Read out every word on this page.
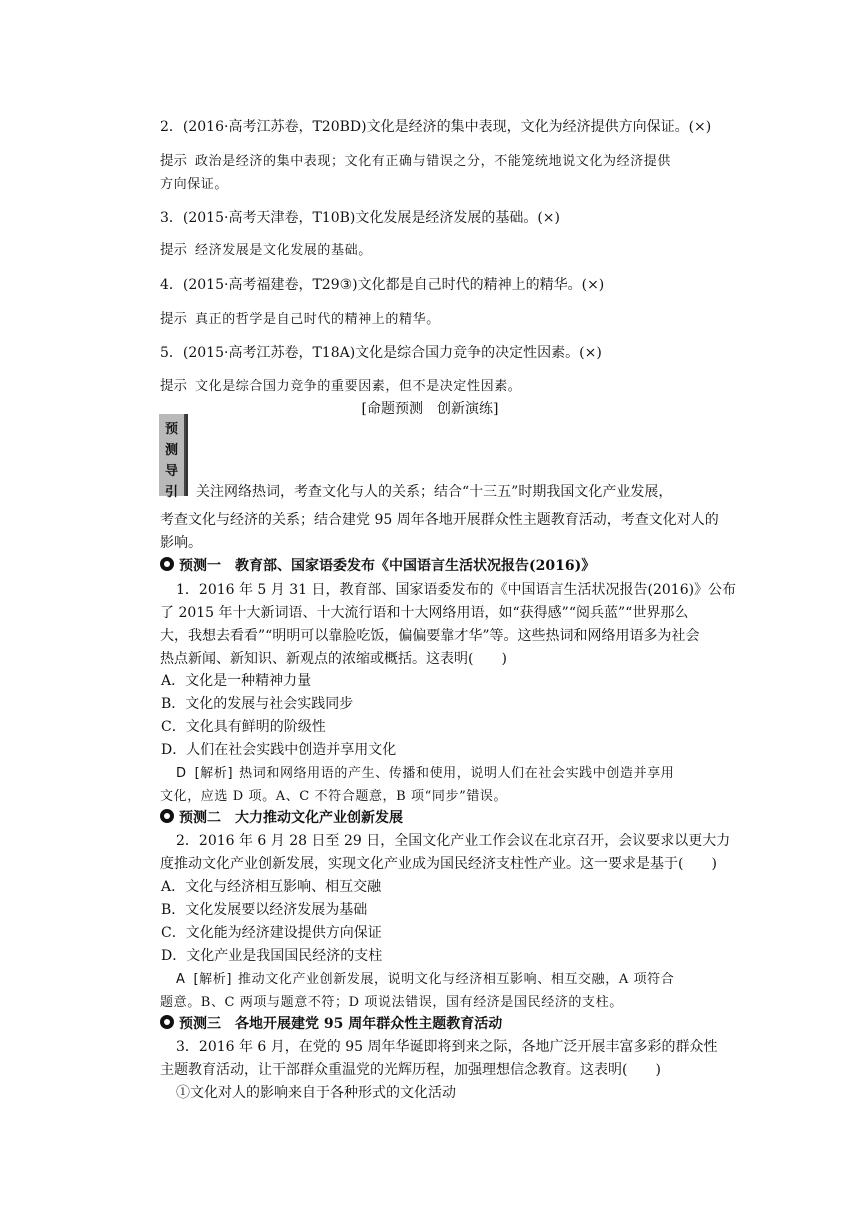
2．(2016·高考江苏卷，T20BD)文化是经济的集中表现，文化为经济提供方向保证。(×)
提示 政治是经济的集中表现；文化有正确与错误之分，不能笼统地说文化为经济提供
方向保证。
3．(2015·高考天津卷，T10B)文化发展是经济发展的基础。(×)
提示 经济发展是文化发展的基础。
4．(2015·高考福建卷，T29③)文化都是自己时代的精神上的精华。(×)
提示 真正的哲学是自己时代的精神上的精华。
5．(2015·高考江苏卷，T18A)文化是综合国力竞争的决定性因素。(×)
提示 文化是综合国力竞争的重要因素，但不是决定性因素。
[命题预测　创新演练]
预
测
导
引	关注网络热词，考查文化与人的关系；结合“十三五”时期我国文化产业发展，
考查文化与经济的关系；结合建党 95 周年各地开展群众性主题教育活动，考查文化对人的
影响。
预测一　教育部、国家语委发布《中国语言生活状况报告(2016)》
1．2016 年 5 月 31 日，教育部、国家语委发布的《中国语言生活状况报告(2016)》公布
了 2015 年十大新词语、十大流行语和十大网络用语，如“获得感”“阅兵蓝”“世界那么
大，我想去看看”“明明可以靠脸吃饭，偏偏要靠才华”等。这些热词和网络用语多为社会
热点新闻、新知识、新观点的浓缩或概括。这表明(　　)
A．文化是一种精神力量
B．文化的发展与社会实践同步
C．文化具有鲜明的阶级性
D．人们在社会实践中创造并享用文化
D [解析] 热词和网络用语的产生、传播和使用，说明人们在社会实践中创造并享用
文化，应选 D 项。A、C 不符合题意，B 项“同步”错误。
预测二　大力推动文化产业创新发展
2．2016 年 6 月 28 日至 29 日，全国文化产业工作会议在北京召开，会议要求以更大力
度推动文化产业创新发展，实现文化产业成为国民经济支柱性产业。这一要求是基于(　　)
A．文化与经济相互影响、相互交融
B．文化发展要以经济发展为基础
C．文化能为经济建设提供方向保证
D．文化产业是我国国民经济的支柱
A [解析] 推动文化产业创新发展，说明文化与经济相互影响、相互交融，A 项符合
题意。B、C 两项与题意不符；D 项说法错误，国有经济是国民经济的支柱。
预测三　各地开展建党 95 周年群众性主题教育活动
3．2016 年 6 月，在党的 95 周年华诞即将到来之际，各地广泛开展丰富多彩的群众性
主题教育活动，让干部群众重温党的光辉历程，加强理想信念教育。这表明(　　)
①文化对人的影响来自于各种形式的文化活动
